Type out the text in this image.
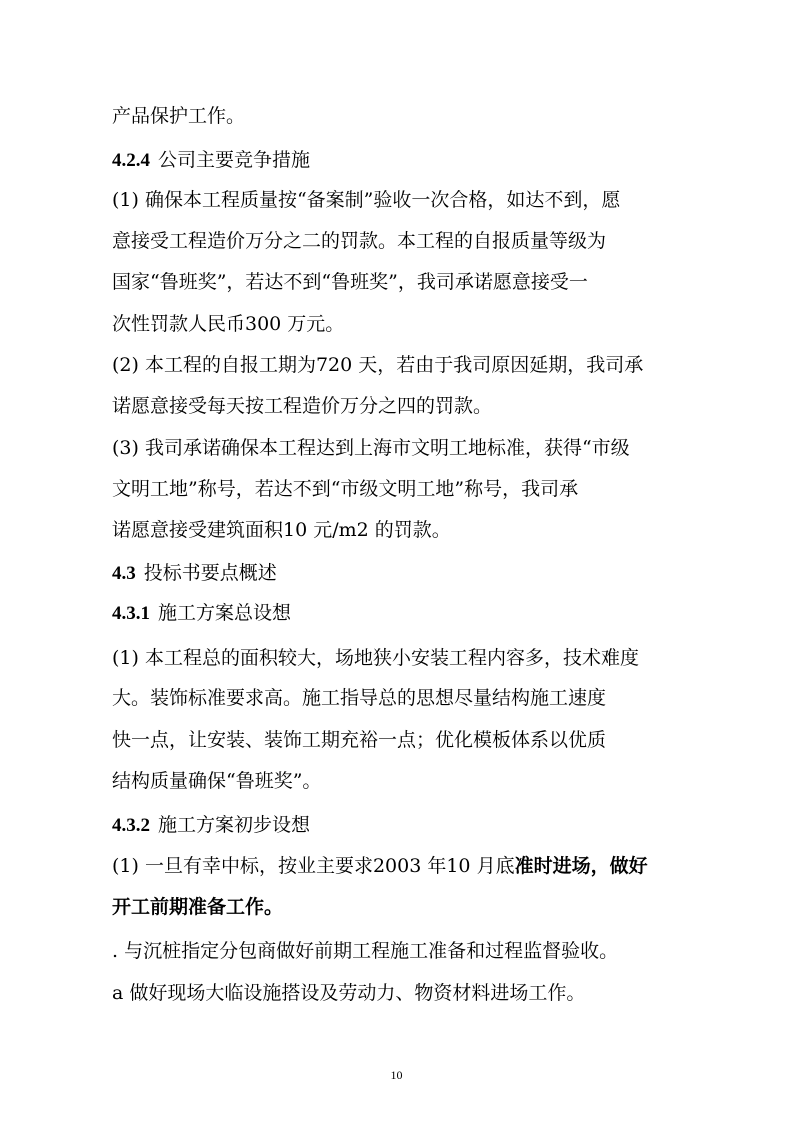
产品保护工作。
4.2.4 公司主要竞争措施
(1) 确保本工程质量按“备案制”验收一次合格，如达不到，愿
意接受工程造价万分之二的罚款。本工程的自报质量等级为
国家“鲁班奖”，若达不到“鲁班奖”，我司承诺愿意接受一
次性罚款人民币300 万元。
(2) 本工程的自报工期为720 天，若由于我司原因延期，我司承
诺愿意接受每天按工程造价万分之四的罚款。
(3) 我司承诺确保本工程达到上海市文明工地标准，获得“市级
文明工地”称号，若达不到“市级文明工地”称号，我司承
诺愿意接受建筑面积10 元/m2 的罚款。
4.3 投标书要点概述
4.3.1 施工方案总设想
(1) 本工程总的面积较大，场地狭小安装工程内容多，技术难度
大。装饰标准要求高。施工指导总的思想尽量结构施工速度
快一点，让安装、装饰工期充裕一点；优化模板体系以优质
结构质量确保“鲁班奖”。
4.3.2 施工方案初步设想
(1) 一旦有幸中标，按业主要求2003 年10 月底准时进场，做好
开工前期准备工作。
. 与沉桩指定分包商做好前期工程施工准备和过程监督验收。
a 做好现场大临设施搭设及劳动力、物资材料进场工作。
10
